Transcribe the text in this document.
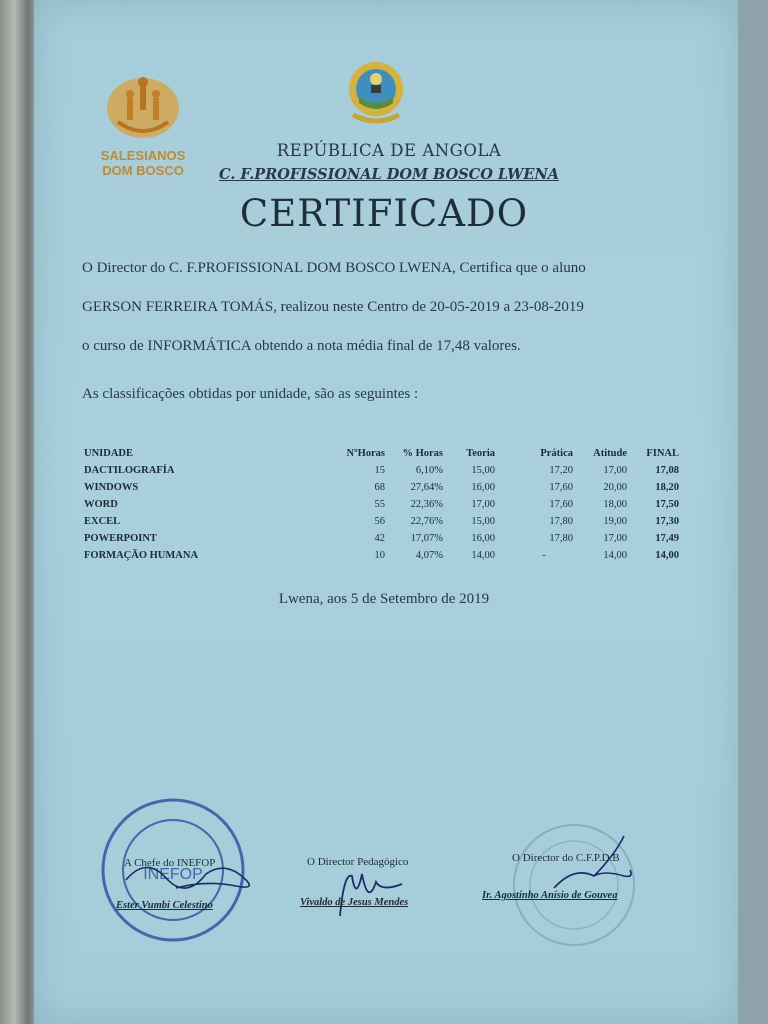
SALESIANOS
DOM BOSCO
REPÚBLICA DE ANGOLA
C. F.PROFISSIONAL DOM BOSCO LWENA
CERTIFICADO
O Director do C. F.PROFISSIONAL DOM BOSCO LWENA, Certifica que o aluno
GERSON FERREIRA TOMÁS, realizou neste Centro de 20-05-2019 a 23-08-2019
o curso de INFORMÁTICA obtendo a nota média final de 17,48 valores.
As classificações obtidas por unidade, são as seguintes :
UNIDADE	NºHoras	% Horas	Teoria	Prática	Atitude	FINAL
DACTILOGRAFÍA	15	6,10%	15,00	17,20	17,00	17,08
WINDOWS	68	27,64%	16,00	17,60	20,00	18,20
WORD	55	22,36%	17,00	17,60	18,00	17,50
EXCEL	56	22,76%	15,00	17,80	19,00	17,30
POWERPOINT	42	17,07%	16,00	17,80	17,00	17,49
FORMAÇÃO HUMANA	10	4,07%	14,00	-	14,00	14,00
Lwena, aos 5 de Setembro de 2019
INEFOP
A Chefe do INEFOP
Ester Vumbi Celestino
O Director Pedagógico
Vivaldo de Jesus Mendes
O Director do C.F.P.D.B
Ir. Agostinho Anísio de Gouvea
